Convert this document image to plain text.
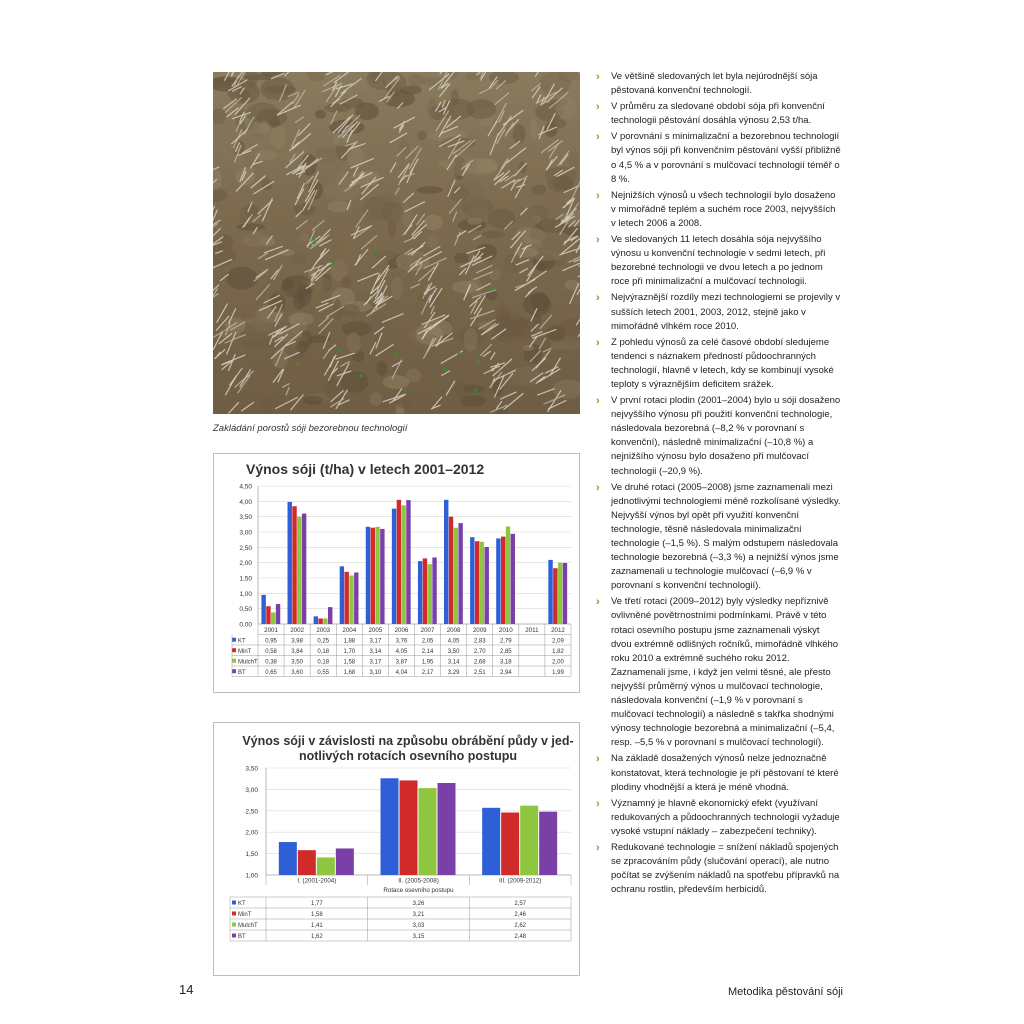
Zakládání porostů sóji bezorebnou technologií
Výnos sóji (t/ha) v letech 2001–2012
0,00
0,50
1,00
1,50
2,00
2,50
3,00
3,50
4,00
4,50
2001 2002 2003 2004 2005 2006 2007 2008 2009 2010 2011 2012
KT	0,95 3,98 0,25 1,88 3,17 3,76 2,05 4,05 2,83 2,79	2,09
MinT 0,58 3,84 0,18 1,70 3,14 4,05 2,14 3,50 2,70 2,85	1,82
MulchT 0,38 3,50 0,18 1,58 3,17 3,87 1,95 3,14 2,68 3,18	2,00
BT	0,65 3,60 0,55 1,68 3,10 4,04 2,17 3,29 2,51 2,94	1,99
Výnos sóji v závislosti na způsobu obrábění půdy v jed-
notlivých rotacích osevního postupu
1,00
1,50
2,00
2,50
3,00
3,50
I. (2001-2004)	II. (2005-2008)	III. (2009-2012)
Rotace osevního postupu
KT	1,77	3,26	2,57
MinT	1,58	3,21	2,46
MulchT	1,41	3,03	2,62
BT	1,62	3,15	2,48
› Ve většině sledovaných let byla nejúrodnější sója pěstovaná konvenční technologií.
› V průměru za sledované období sója při konvenční technologii pěstování dosáhla výnosu 2,53 t/ha.
› V porovnání s minimalizační a bezorebnou technologií byl výnos sóji při konvenčním pěstování vyšší přibližně o 4,5 % a v porovnání s mulčovací technologií téměř o 8 %.
› Nejnižších výnosů u všech technologií bylo dosaženo v mimořádně teplém a suchém roce 2003, nejvyšších v letech 2006 a 2008.
› Ve sledovaných 11 letech dosáhla sója nejvyššího výnosu u konvenční technologie v sedmi letech, při bezorebné technologii ve dvou letech a po jednom roce při minimalizační a mulčovací technologii.
› Nejvýraznější rozdíly mezi technologiemi se projevily v sušších letech 2001, 2003, 2012, stejně jako v mimořádně vlhkém roce 2010.
› Z pohledu výnosů za celé časové období sledujeme tendenci s náznakem předností půdoochranných technologií, hlavně v letech, kdy se kombinují vysoké teploty s výraznějším deficitem srážek.
› V první rotaci plodin (2001–2004) bylo u sóji dosaženo nejvyššího výnosu při použití konvenční technologie, následovala bezorebná (–8,2 % v porovnaní s konvenční), následně minimalizační (–10,8 %) a nejnižšího výnosu bylo dosaženo při mulčovací technologii (–20,9 %).
› Ve druhé rotaci (2005–2008) jsme zaznamenali mezi jednotlivými technologiemi méně rozkolísané výsledky. Nejvyšší výnos byl opět při využití konvenční technologie, těsně následovala minimalizační technologie (–1,5 %). S malým odstupem následovala technologie bezorebná (–3,3 %) a nejnižší výnos jsme zaznamenali u technologie mulčovací (–6,9 % v porovnaní s konvenční technologií).
› Ve třetí rotaci (2009–2012) byly výsledky nepříznivě ovlivněné povětrnostními podmínkami. Právě v této rotaci osevního postupu jsme zaznamenali výskyt dvou extrémně odlišných ročníků, mimořádně vlhkého roku 2010 a extrémně suchého roku 2012. Zaznamenali jsme, i když jen velmi těsné, ale přesto nejvyšší průměrný výnos u mulčovací technologie, následovala konvenční (–1,9 % v porovnaní s mulčovací technologií) a následně s takřka shodnými výnosy technologie bezorebná a minimalizační (–5,4, resp. –5,5 % v porovnaní s mulčovací technologií).
› Na základě dosažených výnosů nelze jednoznačně konstatovat, která technologie je při pěstovaní té které plodiny vhodnější a která je méně vhodná.
› Významný je hlavně ekonomický efekt (využívaní redukovaných a půdoochranných technologií vyžaduje vysoké vstupní náklady – zabezpečení techniky).
› Redukované technologie = snížení nákladů spojených se zpracováním půdy (slučování operací), ale nutno počítat se zvýšením nákladů na spotřebu přípravků na ochranu rostlin, především herbicidů.
14	Metodika pěstování sóji
